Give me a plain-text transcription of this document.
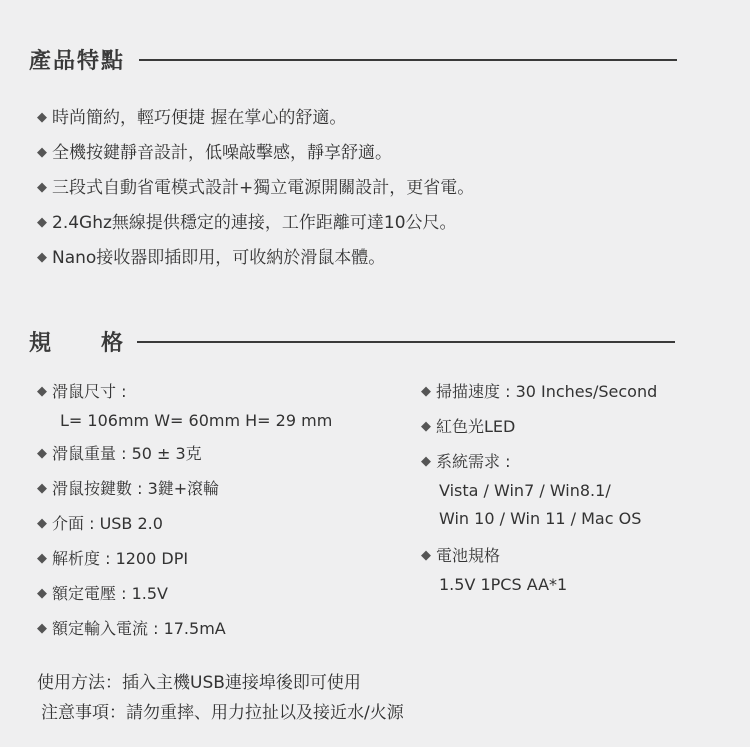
產品特點
◆ 時尚簡約，輕巧便捷 握在掌心的舒適。
◆ 全機按鍵靜音設計，低噪敲擊感，靜享舒適。
◆ 三段式自動省電模式設計+獨立電源開關設計，更省電。
◆ 2.4Ghz無線提供穩定的連接，工作距離可達10公尺。
◆ Nano接收器即插即用，可收納於滑鼠本體。
規 格
◆ 滑鼠尺寸 :
L= 106mm W= 60mm H= 29 mm
◆ 滑鼠重量 : 50 ± 3克
◆ 滑鼠按鍵數 : 3鍵+滾輪
◆ 介面 : USB 2.0
◆ 解析度 : 1200 DPI
◆ 額定電壓 : 1.5V
◆ 額定輸入電流 : 17.5mA
◆ 掃描速度 : 30 Inches/Second
◆ 紅色光LED
◆ 系統需求 :
Vista / Win7 / Win8.1/
Win 10 / Win 11 / Mac OS
◆ 電池規格
1.5V 1PCS AA*1
使用方法：插入主機USB連接埠後即可使用
注意事項：請勿重摔、用力拉扯以及接近水/火源
